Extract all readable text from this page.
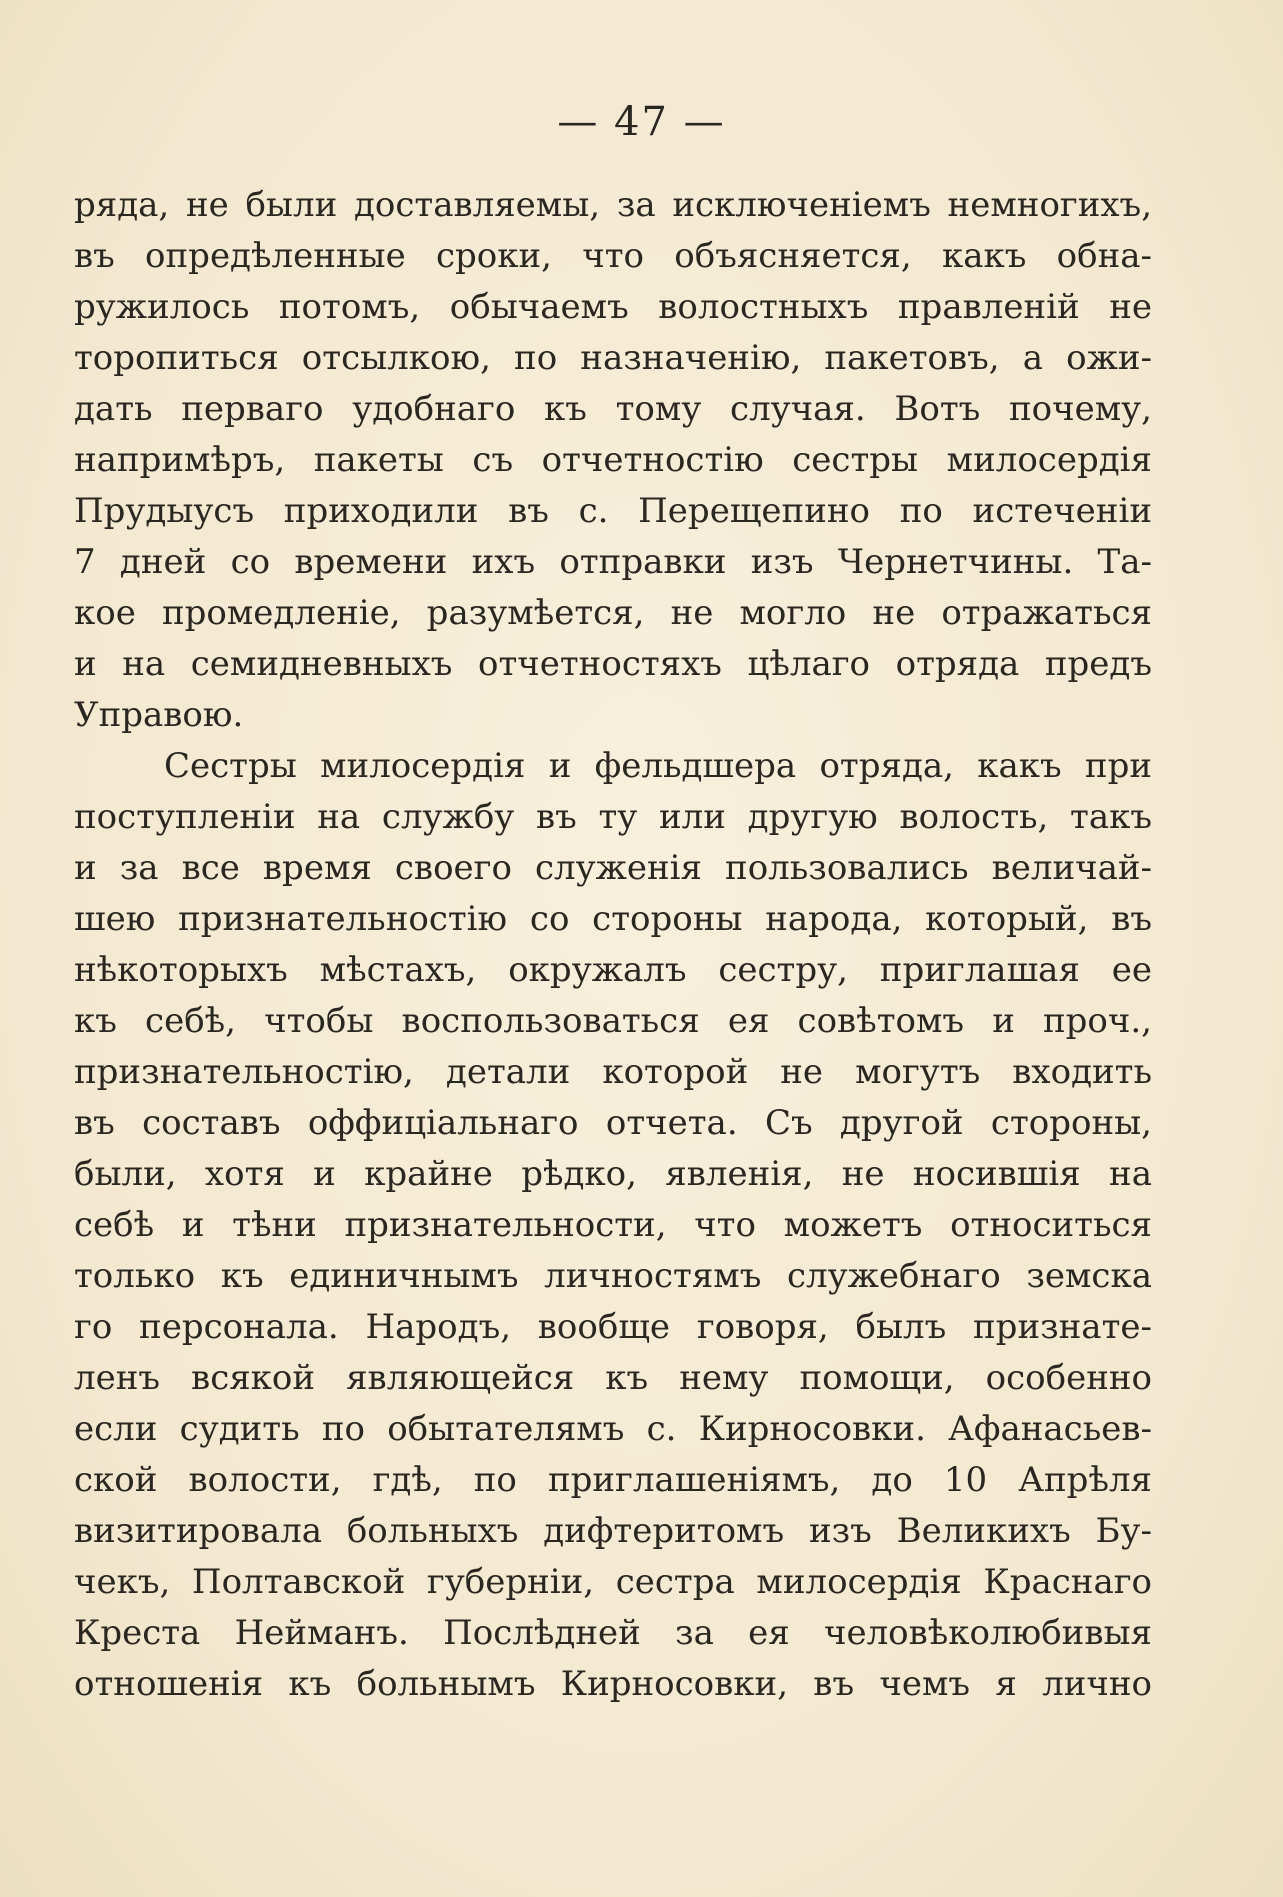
— 47 —
ряда, не были доставляемы, за исключенiемъ немногихъ,
въ опредѣленные сроки, что объясняется, какъ обна-
ружилось потомъ, обычаемъ волостныхъ правленiй не
торопиться отсылкою, по назначенiю, пакетовъ, а ожи-
дать перваго удобнаго къ тому случая. Вотъ почему,
напримѣръ, пакеты съ отчетностiю сестры милосердiя
Прудыусъ приходили въ с. Перещепино по истеченiи
7 дней со времени ихъ отправки изъ Чернетчины. Та-
кое промедленiе, разумѣется, не могло не отражаться
и на семидневныхъ отчетностяхъ цѣлаго отряда предъ
Управою.
Сестры милосердiя и фельдшера отряда, какъ при
поступленiи на службу въ ту или другую волость, такъ
и за все время своего служенiя пользовались величай-
шею признательностiю со стороны народа, который, въ
нѣкоторыхъ мѣстахъ, окружалъ сестру, приглашая ее
къ себѣ, чтобы воспользоваться ея совѣтомъ и проч.,
признательностiю, детали которой не могутъ входить
въ составъ оффицiальнаго отчета. Съ другой стороны,
были, хотя и крайне рѣдко, явленiя, не носившiя на
себѣ и тѣни признательности, что можетъ относиться
только къ единичнымъ личностямъ служебнаго земска
го персонала. Народъ, вообще говоря, былъ признате-
ленъ всякой являющейся къ нему помощи, особенно
если судить по обытателямъ с. Кирносовки. Афанасьев-
ской волости, гдѣ, по приглашенiямъ, до 10 Апрѣля
визитировала больныхъ дифтеритомъ изъ Великихъ Бу-
чекъ, Полтавской губернiи, сестра милосердiя Краснаго
Креста Нейманъ. Послѣдней за ея человѣколюбивыя
отношенiя къ больнымъ Кирносовки, въ чемъ я лично
